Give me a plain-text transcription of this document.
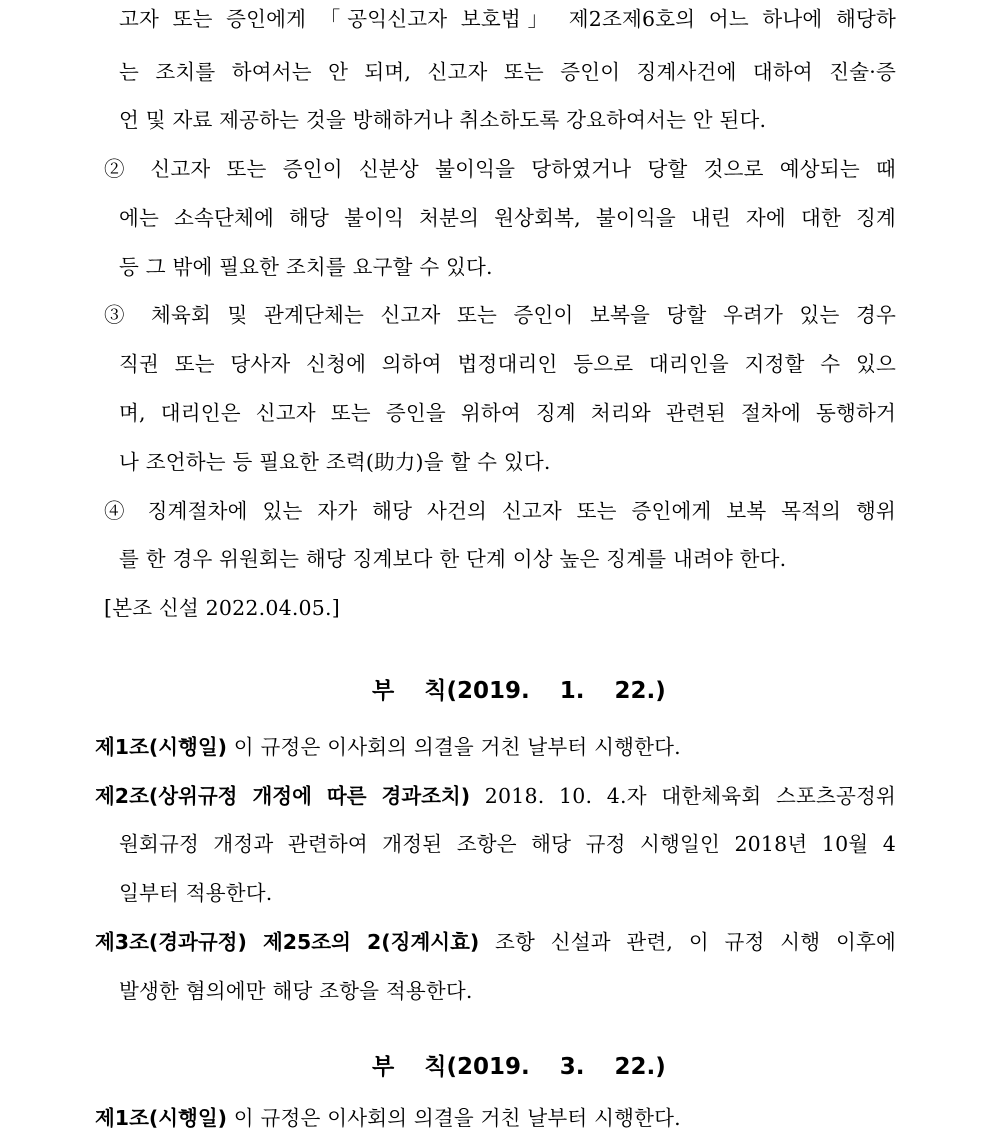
고자 또는 증인에게 「공익신고자 보호법」 제2조제6호의 어느 하나에 해당하
는 조치를 하여서는 안 되며, 신고자 또는 증인이 징계사건에 대하여 진술·증
언 및 자료 제공하는 것을 방해하거나 취소하도록 강요하여서는 안 된다.
② 신고자 또는 증인이 신분상 불이익을 당하였거나 당할 것으로 예상되는 때
에는 소속단체에 해당 불이익 처분의 원상회복, 불이익을 내린 자에 대한 징계
등 그 밖에 필요한 조치를 요구할 수 있다.
③ 체육회 및 관계단체는 신고자 또는 증인이 보복을 당할 우려가 있는 경우
직권 또는 당사자 신청에 의하여 법정대리인 등으로 대리인을 지정할 수 있으
며, 대리인은 신고자 또는 증인을 위하여 징계 처리와 관련된 절차에 동행하거
나 조언하는 등 필요한 조력(助力)을 할 수 있다.
④ 징계절차에 있는 자가 해당 사건의 신고자 또는 증인에게 보복 목적의 행위
를 한 경우 위원회는 해당 징계보다 한 단계 이상 높은 징계를 내려야 한다.
[본조 신설 2022.04.05.]
부 칙(2019. 1. 22.)
제1조(시행일) 이 규정은 이사회의 의결을 거친 날부터 시행한다.
제2조(상위규정 개정에 따른 경과조치) 2018. 10. 4.자 대한체육회 스포츠공정위
원회규정 개정과 관련하여 개정된 조항은 해당 규정 시행일인 2018년 10월 4
일부터 적용한다.
제3조(경과규정) 제25조의 2(징계시효) 조항 신설과 관련, 이 규정 시행 이후에
발생한 혐의에만 해당 조항을 적용한다.
부 칙(2019. 3. 22.)
제1조(시행일) 이 규정은 이사회의 의결을 거친 날부터 시행한다.
